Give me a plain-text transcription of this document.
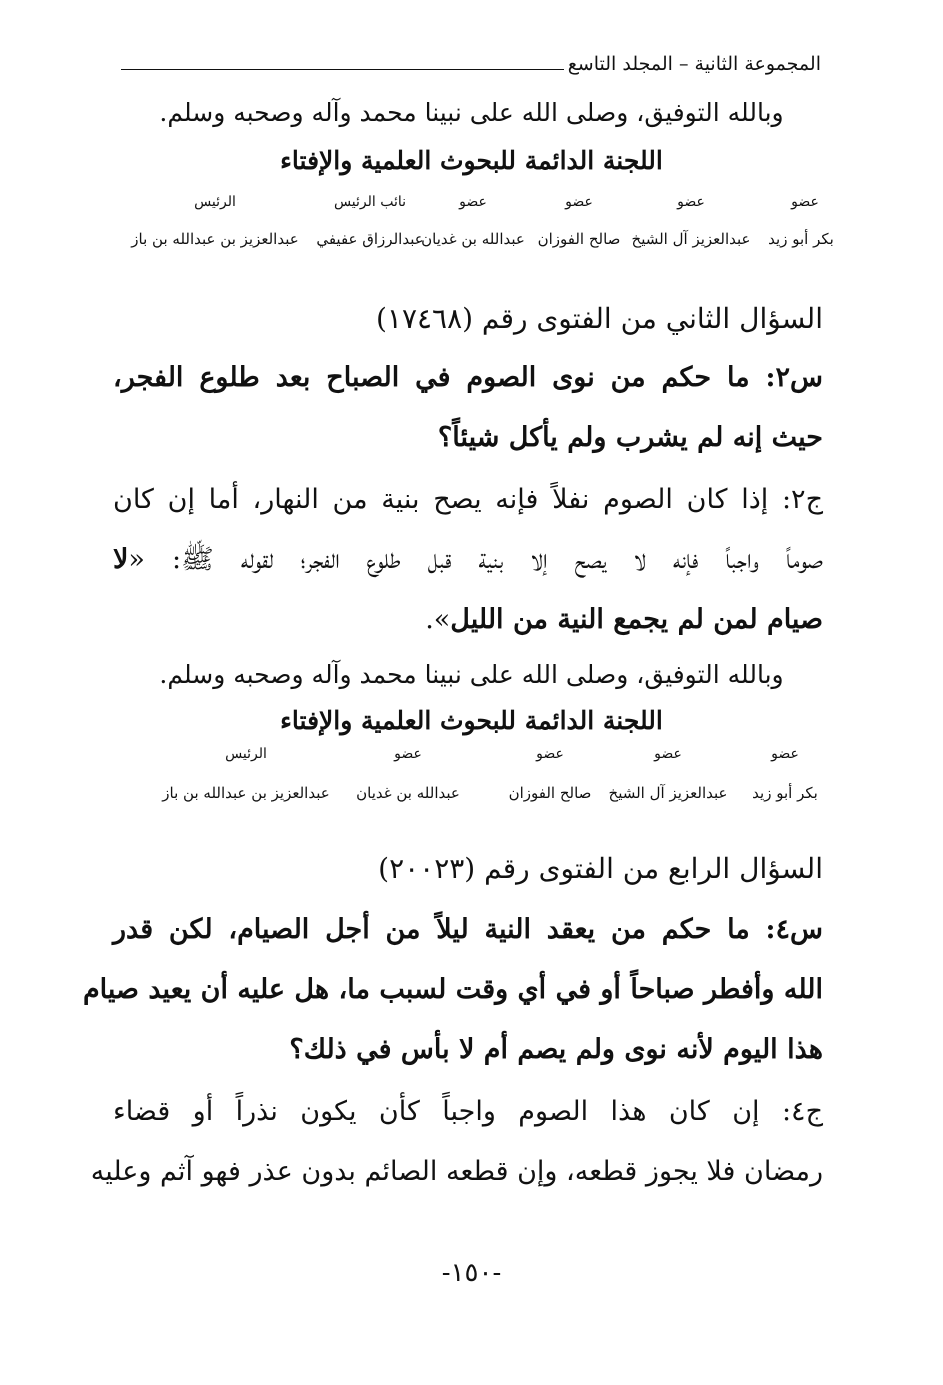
المجموعة الثانية – المجلد التاسع
وبالله التوفيق، وصلى الله على نبينا محمد وآله وصحبه وسلم.
اللجنة الدائمة للبحوث العلمية والإفتاء
عضو
عضو
عضو
عضو
نائب الرئيس
الرئيس
بكر أبو زيد
عبدالعزيز آل الشيخ
صالح الفوزان
عبدالله بن غديان
عبدالرزاق عفيفي
عبدالعزيز بن عبدالله بن باز
السؤال الثاني من الفتوى رقم (١٧٤٦٨)
س٢: ما حكم من نوى الصوم في الصباح بعد طلوع الفجر،
حيث إنه لم يشرب ولم يأكل شيئاً؟
ج٢: إذا كان الصوم نفلاً فإنه يصح بنية من النهار، أما إن كان
صوماً واجباً فإنه لا يصح إلا بنية قبل طلوع الفجر؛ لقوله ﷺ: «لا
صيام لمن لم يجمع النية من الليل».
وبالله التوفيق، وصلى الله على نبينا محمد وآله وصحبه وسلم.
اللجنة الدائمة للبحوث العلمية والإفتاء
عضو
عضو
عضو
عضو
الرئيس
بكر أبو زيد
عبدالعزيز آل الشيخ
صالح الفوزان
عبدالله بن غديان
عبدالعزيز بن عبدالله بن باز
السؤال الرابع من الفتوى رقم (٢٠٠٢٣)
س٤: ما حكم من يعقد النية ليلاً من أجل الصيام، لكن قدر
الله وأفطر صباحاً أو في أي وقت لسبب ما، هل عليه أن يعيد صيام
هذا اليوم لأنه نوى ولم يصم أم لا بأس في ذلك؟
ج٤: إن كان هذا الصوم واجباً كأن يكون نذراً أو قضاء
رمضان فلا يجوز قطعه، وإن قطعه الصائم بدون عذر فهو آثم وعليه
-١٥٠-
